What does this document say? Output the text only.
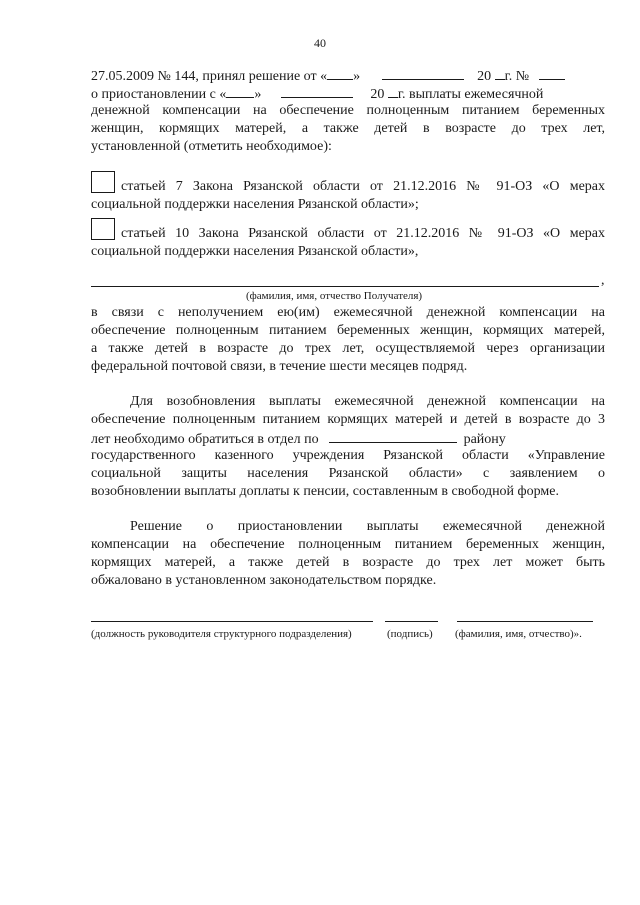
40
27.05.2009 № 144, принял решение от « »	20 г. №
о приостановлении с « »	20 г. выплаты ежемесячной
денежной компенсации на обеспечение полноценным питанием беременных
женщин, кормящих матерей, а также детей в возрасте до трех лет,
установленной (отметить необходимое):
статьей 7 Закона Рязанской области от 21.12.2016 № 91-ОЗ «О мерах
социальной поддержки населения Рязанской области»;
статьей 10 Закона Рязанской области от 21.12.2016 № 91-ОЗ «О мерах
социальной поддержки населения Рязанской области»,
,
(фамилия, имя, отчество Получателя)
в связи с неполучением ею(им) ежемесячной денежной компенсации на
обеспечение полноценным питанием беременных женщин, кормящих матерей,
а также детей в возрасте до трех лет, осуществляемой через организации
федеральной почтовой связи, в течение шести месяцев подряд.
Для возобновления выплаты ежемесячной денежной компенсации на
обеспечение полноценным питанием кормящих матерей и детей в возрасте до 3
лет необходимо обратиться в отдел по	району
государственного казенного учреждения Рязанской области «Управление
социальной защиты населения Рязанской области» с заявлением о
возобновлении выплаты доплаты к пенсии, составленным в свободной форме.
Решение о приостановлении выплаты ежемесячной денежной
компенсации на обеспечение полноценным питанием беременных женщин,
кормящих матерей, а также детей в возрасте до трех лет может быть
обжаловано в установленном законодательством порядке.
(должность руководителя структурного подразделения)	(подпись) (фамилия, имя, отчество)».
